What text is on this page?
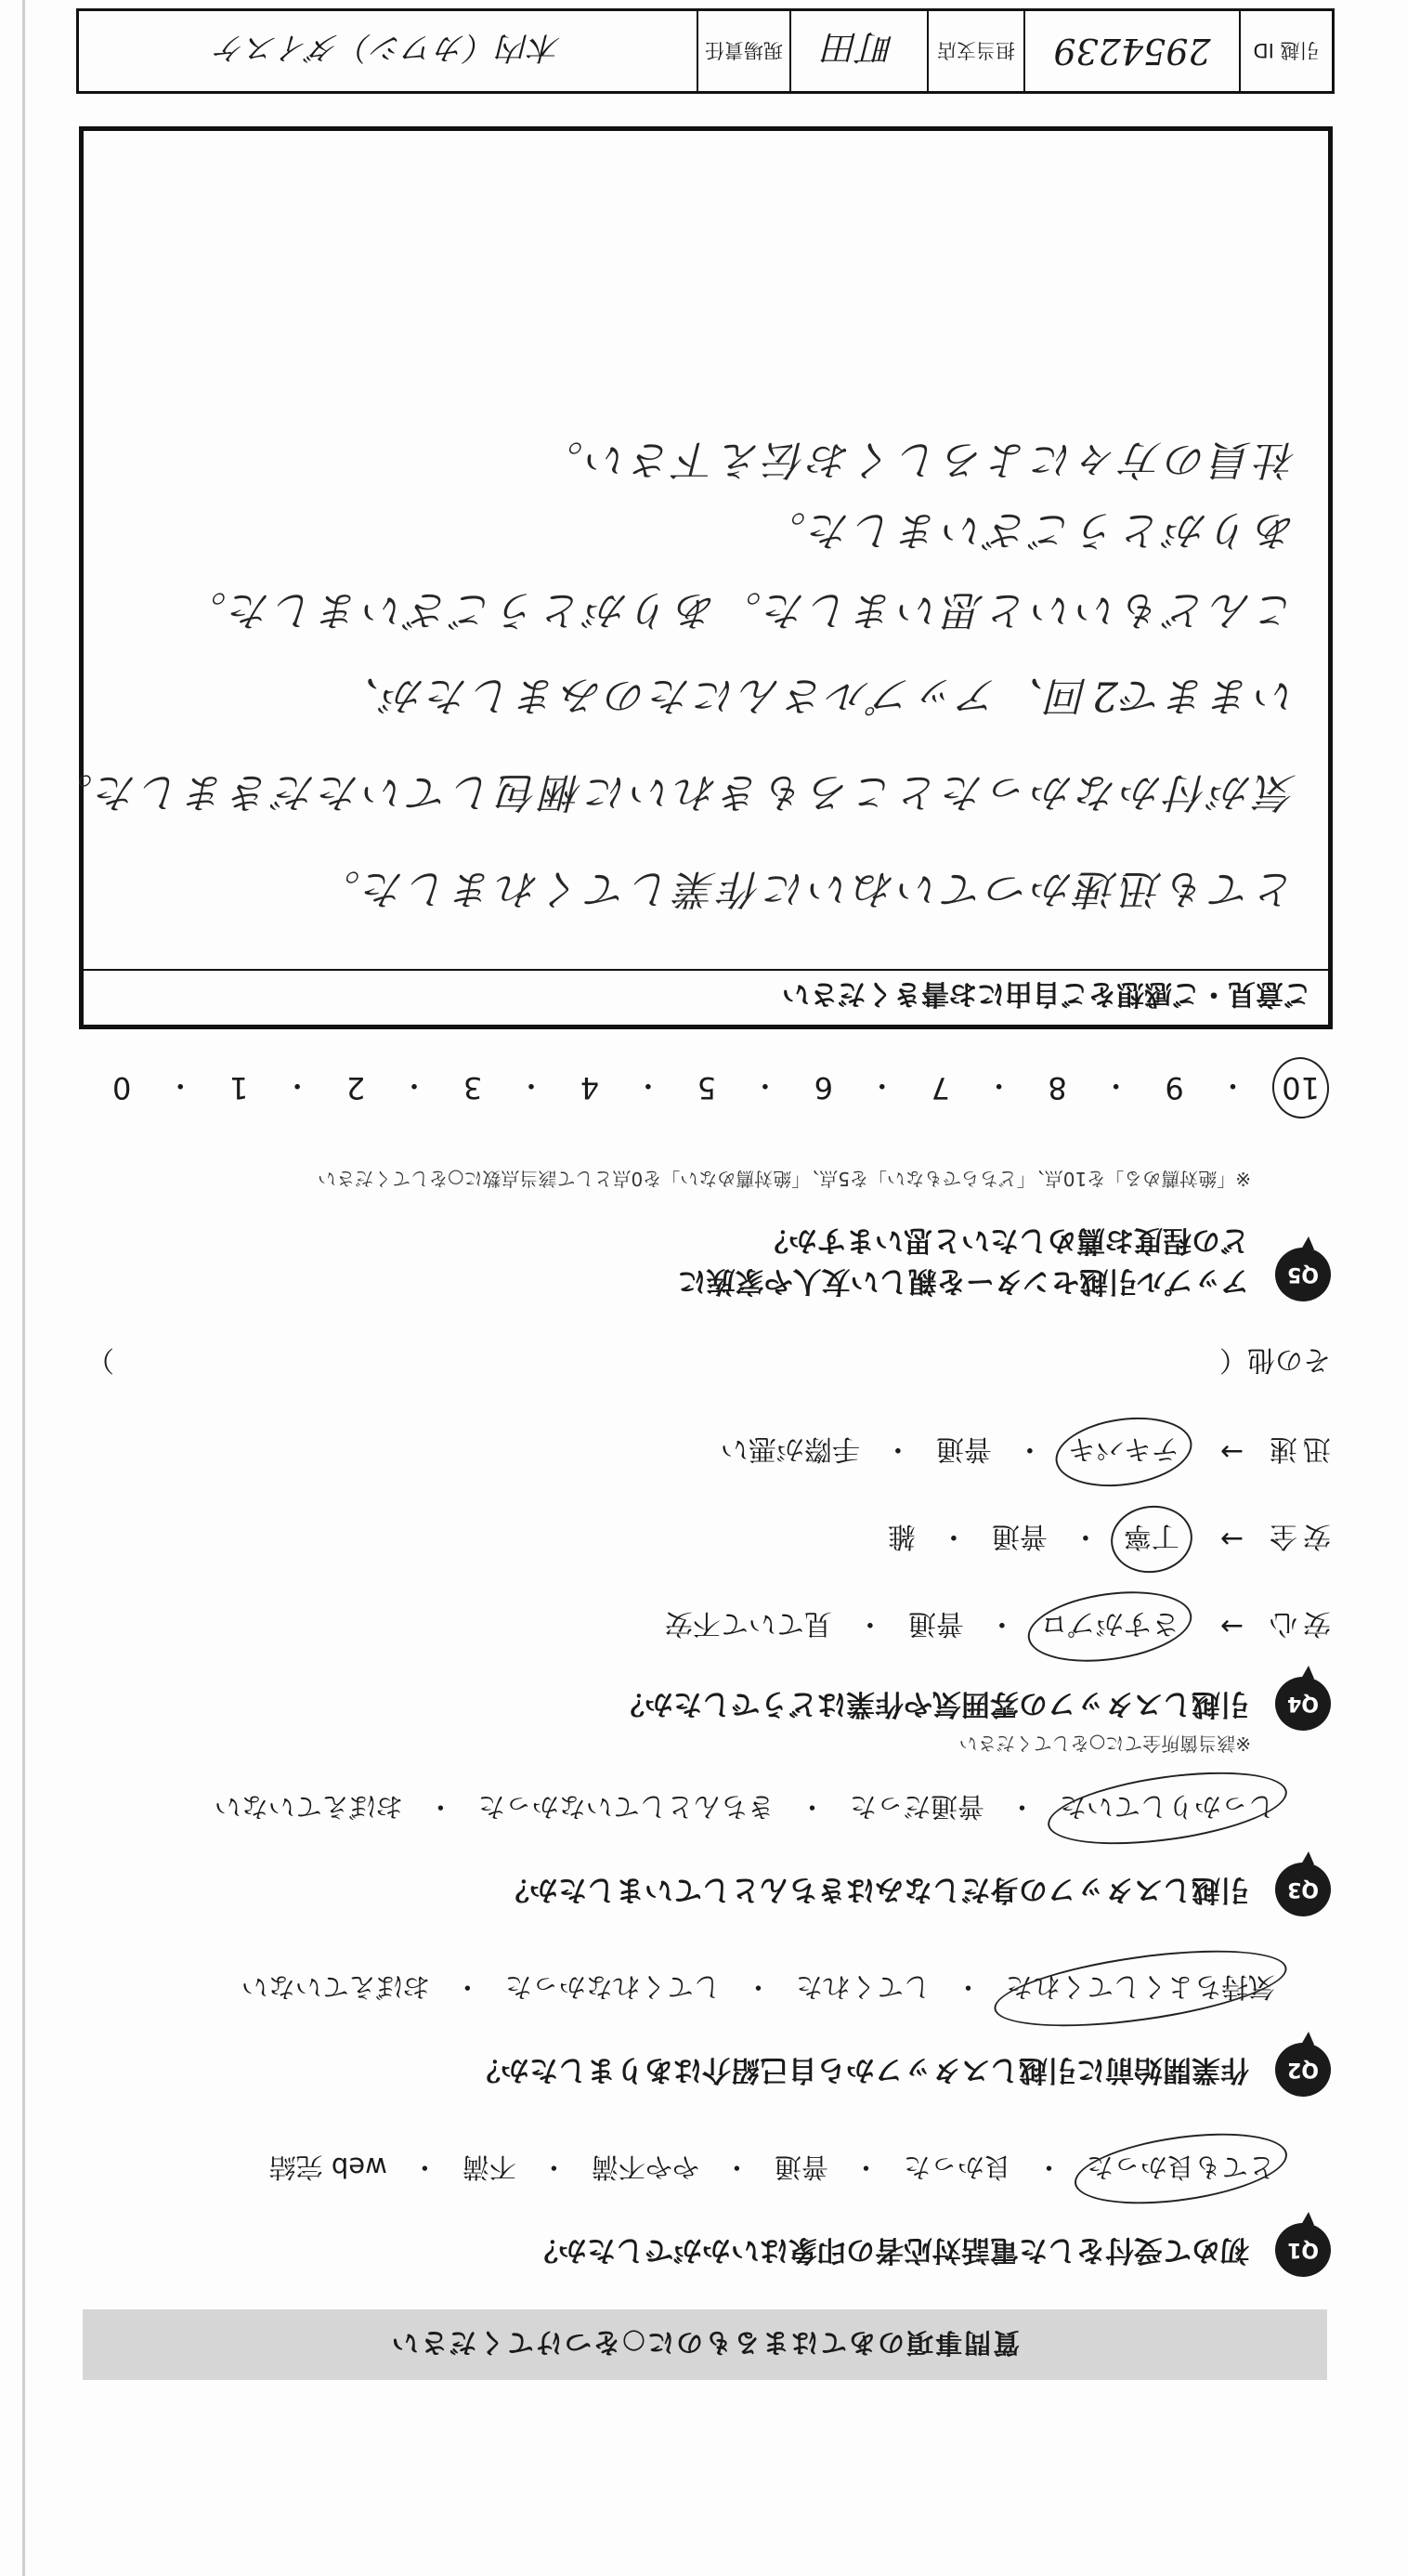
質問事項のあてはまるものに○をつけてください
Q1
初めて受付をした電話対応者の印象はいかがでしたか？
とても良かった
・
良かった
・
普通
・
やや不満
・
不満
・
web 完結
Q2
作業開始前に引越しスタッフから自己紹介はありましたか？
気持ちよくしてくれた
・
してくれた
・
してくれなかった
・
おぼえていない
Q3
引越しスタッフの身だしなみはきちんとしていましたか？
しっかりしていた
・
普通だった
・
きちんとしていなかった
・
おぼえていない
Q4
引越しスタッフの雰囲気や作業はどうでしたか？
※該当箇所全てに○をしてください
安心
→
さすがプロ
・
普通
・
見ていて不安
安全
→
丁寧
・
普通
・
雑
迅速
→
テキパキ
・
普通
・
手際が悪い
その他（
）
Q5
アップル引越センターを親しい友人や家族に
どの程度お薦めしたいと思いますか？
※「絶対薦める」を10点、「どちらでもない」を5点、「絶対薦めない」を0点として該当点数に○をしてください
10
・
9
・
8
・
7
・
6
・
5
・
4
・
3
・
2
・
1
・
0
ご意見・ご感想をご自由にお書きください
とても迅速かつていねいに作業してくれました。
気が付かなかったところもきれいに梱包していただきました。
いままで2回、アップルさんにたのみましたが、
こんどもいいと思いました。ありがとうございました。
ありがとうございました。
社員の方々によろしくお伝え下さい。
引越 ID
2954239
担当支店
町田
現場責任
木内（カワシ）ダイスケ
